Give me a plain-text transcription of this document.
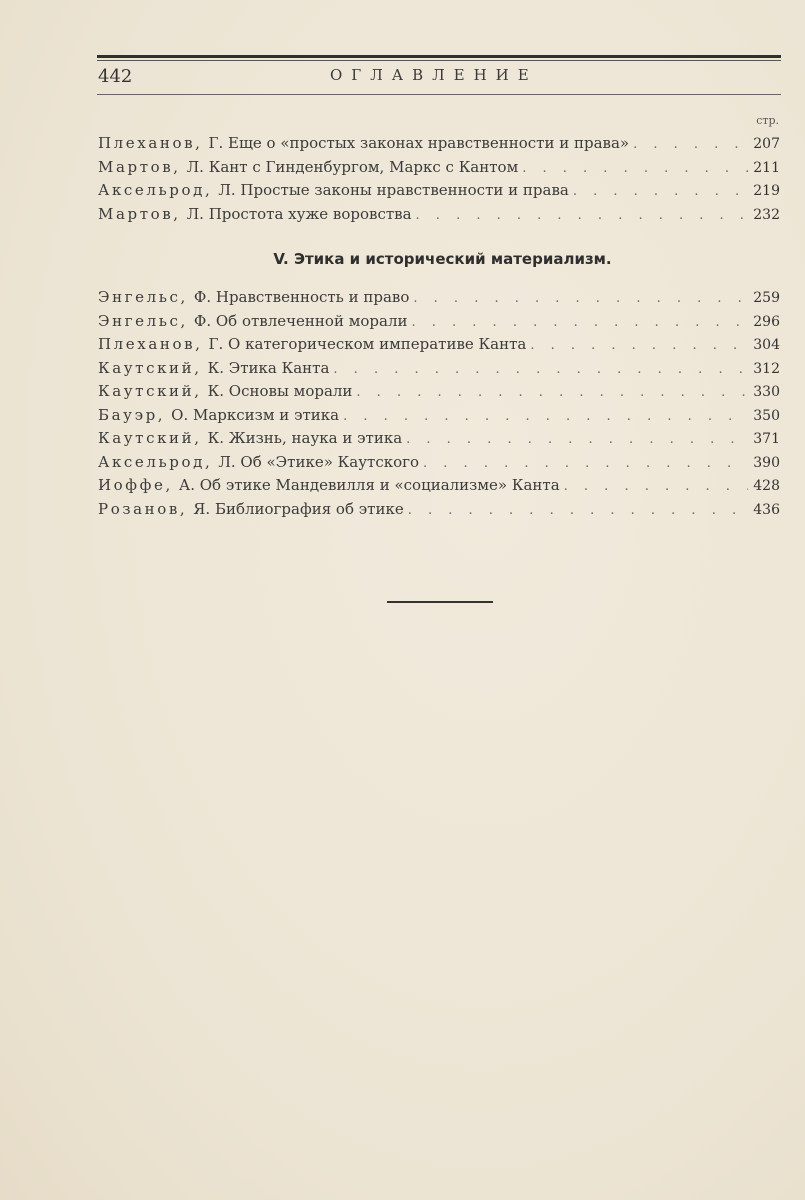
442	ОГЛАВЛЕНИЕ
стр.
Плеханов, Г. Еще о «простых законах нравственности и права» . . .	207
Мартов, Л. Кант с Гинденбургом, Маркс с Кантом . . .	211
Аксельрод, Л. Простые законы нравственности и права . . .	219
Мартов, Л. Простота хуже воровства . . .	232
V. Этика и исторический материализм.
Энгельс, Ф. Нравственность и право . . .	259
Энгельс, Ф. Об отвлеченной морали . . .	296
Плеханов, Г. О категорическом императиве Канта . . .	304
Каутский, К. Этика Канта . . .	312
Каутский, К. Основы морали . . .	330
Бауэр, О. Марксизм и этика . . .	350
Каутский, К. Жизнь, наука и этика . . .	371
Аксельрод, Л. Об «Этике» Каутского . . .	390
Иоффе, А. Об этике Мандевилля и «социализме» Канта . . .	428
Розанов, Я. Библиография об этике . . .	436
